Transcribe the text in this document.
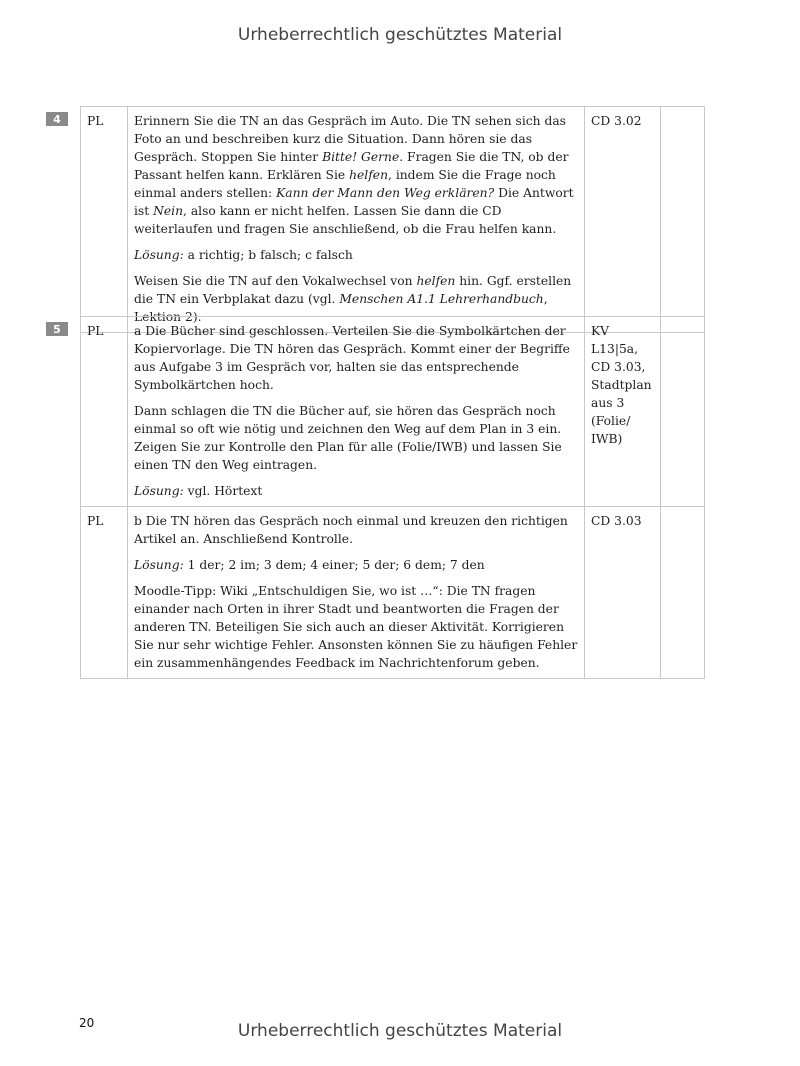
Urheberrechtlich geschütztes Material
4	PL	Erinnern Sie die TN an das Gespräch im Auto. Die TN sehen sich das Foto an und beschreiben kurz die Situation. Dann hören sie das Gespräch. Stoppen Sie hinter Bitte! Gerne. Fragen Sie die TN, ob der Passant helfen kann. Erklären Sie helfen, indem Sie die Frage noch einmal anders stellen: Kann der Mann den Weg erklären? Die Antwort ist Nein, also kann er nicht helfen. Lassen Sie dann die CD weiterlaufen und fragen Sie anschließend, ob die Frau helfen kann.

Lösung: a richtig; b falsch; c falsch

Weisen Sie die TN auf den Vokalwechsel von helfen hin. Ggf. erstellen die TN ein Verbplakat dazu (vgl. Menschen A1.1 Lehrerhandbuch, Lektion 2).

	CD 3.02	
5	PL	a Die Bücher sind geschlossen. Verteilen Sie die Symbolkärtchen der Kopiervorlage. Die TN hören das Gespräch. Kommt einer der Begriffe aus Aufgabe 3 im Gespräch vor, halten sie das entsprechende Symbolkärtchen hoch.

Dann schlagen die TN die Bücher auf, sie hören das Gespräch noch einmal so oft wie nötig und zeichnen den Weg auf dem Plan in 3 ein. Zeigen Sie zur Kontrolle den Plan für alle (Folie/IWB) und lassen Sie einen TN den Weg eintragen.

Lösung: vgl. Hörtext	KV L13|5a, CD 3.03, Stadtplan aus 3 (Folie/ IWB)	
PL	b Die TN hören das Gespräch noch einmal und kreuzen den richtigen Artikel an. Anschließend Kontrolle.

Lösung: 1 der; 2 im; 3 dem; 4 einer; 5 der; 6 dem; 7 den

Moodle-Tipp: Wiki „Entschuldigen Sie, wo ist …“: Die TN fragen einander nach Orten in ihrer Stadt und beantworten die Fragen der anderen TN. Beteiligen Sie sich auch an dieser Aktivität. Korrigieren Sie nur sehr wichtige Fehler. Ansonsten können Sie zu häufigen Fehler ein zusammenhängendes Feedback im Nachrichtenforum geben.	CD 3.03	
20	Urheberrechtlich geschütztes Material
